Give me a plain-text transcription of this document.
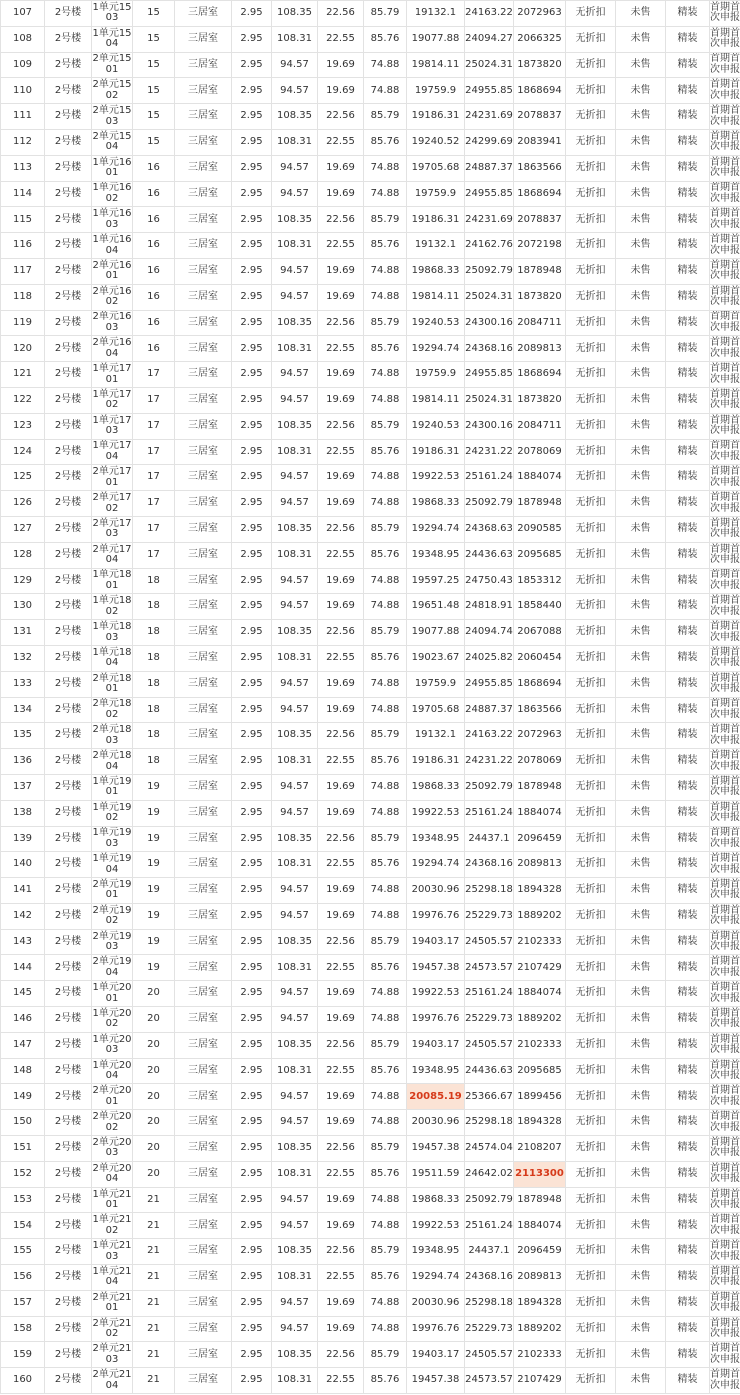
107	2号楼	1单元1503	15	三居室	2.95	108.35	22.56	85.79	19132.1	24163.22	2072963	无折扣	未售	精装	首期首次申报
108	2号楼	1单元1504	15	三居室	2.95	108.31	22.55	85.76	19077.88	24094.27	2066325	无折扣	未售	精装	首期首次申报
109	2号楼	2单元1501	15	三居室	2.95	94.57	19.69	74.88	19814.11	25024.31	1873820	无折扣	未售	精装	首期首次申报
110	2号楼	2单元1502	15	三居室	2.95	94.57	19.69	74.88	19759.9	24955.85	1868694	无折扣	未售	精装	首期首次申报
111	2号楼	2单元1503	15	三居室	2.95	108.35	22.56	85.79	19186.31	24231.69	2078837	无折扣	未售	精装	首期首次申报
112	2号楼	2单元1504	15	三居室	2.95	108.31	22.55	85.76	19240.52	24299.69	2083941	无折扣	未售	精装	首期首次申报
113	2号楼	1单元1601	16	三居室	2.95	94.57	19.69	74.88	19705.68	24887.37	1863566	无折扣	未售	精装	首期首次申报
114	2号楼	1单元1602	16	三居室	2.95	94.57	19.69	74.88	19759.9	24955.85	1868694	无折扣	未售	精装	首期首次申报
115	2号楼	1单元1603	16	三居室	2.95	108.35	22.56	85.79	19186.31	24231.69	2078837	无折扣	未售	精装	首期首次申报
116	2号楼	1单元1604	16	三居室	2.95	108.31	22.55	85.76	19132.1	24162.76	2072198	无折扣	未售	精装	首期首次申报
117	2号楼	2单元1601	16	三居室	2.95	94.57	19.69	74.88	19868.33	25092.79	1878948	无折扣	未售	精装	首期首次申报
118	2号楼	2单元1602	16	三居室	2.95	94.57	19.69	74.88	19814.11	25024.31	1873820	无折扣	未售	精装	首期首次申报
119	2号楼	2单元1603	16	三居室	2.95	108.35	22.56	85.79	19240.53	24300.16	2084711	无折扣	未售	精装	首期首次申报
120	2号楼	2单元1604	16	三居室	2.95	108.31	22.55	85.76	19294.74	24368.16	2089813	无折扣	未售	精装	首期首次申报
121	2号楼	1单元1701	17	三居室	2.95	94.57	19.69	74.88	19759.9	24955.85	1868694	无折扣	未售	精装	首期首次申报
122	2号楼	1单元1702	17	三居室	2.95	94.57	19.69	74.88	19814.11	25024.31	1873820	无折扣	未售	精装	首期首次申报
123	2号楼	1单元1703	17	三居室	2.95	108.35	22.56	85.79	19240.53	24300.16	2084711	无折扣	未售	精装	首期首次申报
124	2号楼	1单元1704	17	三居室	2.95	108.31	22.55	85.76	19186.31	24231.22	2078069	无折扣	未售	精装	首期首次申报
125	2号楼	2单元1701	17	三居室	2.95	94.57	19.69	74.88	19922.53	25161.24	1884074	无折扣	未售	精装	首期首次申报
126	2号楼	2单元1702	17	三居室	2.95	94.57	19.69	74.88	19868.33	25092.79	1878948	无折扣	未售	精装	首期首次申报
127	2号楼	2单元1703	17	三居室	2.95	108.35	22.56	85.79	19294.74	24368.63	2090585	无折扣	未售	精装	首期首次申报
128	2号楼	2单元1704	17	三居室	2.95	108.31	22.55	85.76	19348.95	24436.63	2095685	无折扣	未售	精装	首期首次申报
129	2号楼	1单元1801	18	三居室	2.95	94.57	19.69	74.88	19597.25	24750.43	1853312	无折扣	未售	精装	首期首次申报
130	2号楼	1单元1802	18	三居室	2.95	94.57	19.69	74.88	19651.48	24818.91	1858440	无折扣	未售	精装	首期首次申报
131	2号楼	1单元1803	18	三居室	2.95	108.35	22.56	85.79	19077.88	24094.74	2067088	无折扣	未售	精装	首期首次申报
132	2号楼	1单元1804	18	三居室	2.95	108.31	22.55	85.76	19023.67	24025.82	2060454	无折扣	未售	精装	首期首次申报
133	2号楼	2单元1801	18	三居室	2.95	94.57	19.69	74.88	19759.9	24955.85	1868694	无折扣	未售	精装	首期首次申报
134	2号楼	2单元1802	18	三居室	2.95	94.57	19.69	74.88	19705.68	24887.37	1863566	无折扣	未售	精装	首期首次申报
135	2号楼	2单元1803	18	三居室	2.95	108.35	22.56	85.79	19132.1	24163.22	2072963	无折扣	未售	精装	首期首次申报
136	2号楼	2单元1804	18	三居室	2.95	108.31	22.55	85.76	19186.31	24231.22	2078069	无折扣	未售	精装	首期首次申报
137	2号楼	1单元1901	19	三居室	2.95	94.57	19.69	74.88	19868.33	25092.79	1878948	无折扣	未售	精装	首期首次申报
138	2号楼	1单元1902	19	三居室	2.95	94.57	19.69	74.88	19922.53	25161.24	1884074	无折扣	未售	精装	首期首次申报
139	2号楼	1单元1903	19	三居室	2.95	108.35	22.56	85.79	19348.95	24437.1	2096459	无折扣	未售	精装	首期首次申报
140	2号楼	1单元1904	19	三居室	2.95	108.31	22.55	85.76	19294.74	24368.16	2089813	无折扣	未售	精装	首期首次申报
141	2号楼	2单元1901	19	三居室	2.95	94.57	19.69	74.88	20030.96	25298.18	1894328	无折扣	未售	精装	首期首次申报
142	2号楼	2单元1902	19	三居室	2.95	94.57	19.69	74.88	19976.76	25229.73	1889202	无折扣	未售	精装	首期首次申报
143	2号楼	2单元1903	19	三居室	2.95	108.35	22.56	85.79	19403.17	24505.57	2102333	无折扣	未售	精装	首期首次申报
144	2号楼	2单元1904	19	三居室	2.95	108.31	22.55	85.76	19457.38	24573.57	2107429	无折扣	未售	精装	首期首次申报
145	2号楼	1单元2001	20	三居室	2.95	94.57	19.69	74.88	19922.53	25161.24	1884074	无折扣	未售	精装	首期首次申报
146	2号楼	1单元2002	20	三居室	2.95	94.57	19.69	74.88	19976.76	25229.73	1889202	无折扣	未售	精装	首期首次申报
147	2号楼	1单元2003	20	三居室	2.95	108.35	22.56	85.79	19403.17	24505.57	2102333	无折扣	未售	精装	首期首次申报
148	2号楼	1单元2004	20	三居室	2.95	108.31	22.55	85.76	19348.95	24436.63	2095685	无折扣	未售	精装	首期首次申报
149	2号楼	2单元2001	20	三居室	2.95	94.57	19.69	74.88	20085.19	25366.67	1899456	无折扣	未售	精装	首期首次申报
150	2号楼	2单元2002	20	三居室	2.95	94.57	19.69	74.88	20030.96	25298.18	1894328	无折扣	未售	精装	首期首次申报
151	2号楼	2单元2003	20	三居室	2.95	108.35	22.56	85.79	19457.38	24574.04	2108207	无折扣	未售	精装	首期首次申报
152	2号楼	2单元2004	20	三居室	2.95	108.31	22.55	85.76	19511.59	24642.02	2113300	无折扣	未售	精装	首期首次申报
153	2号楼	1单元2101	21	三居室	2.95	94.57	19.69	74.88	19868.33	25092.79	1878948	无折扣	未售	精装	首期首次申报
154	2号楼	1单元2102	21	三居室	2.95	94.57	19.69	74.88	19922.53	25161.24	1884074	无折扣	未售	精装	首期首次申报
155	2号楼	1单元2103	21	三居室	2.95	108.35	22.56	85.79	19348.95	24437.1	2096459	无折扣	未售	精装	首期首次申报
156	2号楼	1单元2104	21	三居室	2.95	108.31	22.55	85.76	19294.74	24368.16	2089813	无折扣	未售	精装	首期首次申报
157	2号楼	2单元2101	21	三居室	2.95	94.57	19.69	74.88	20030.96	25298.18	1894328	无折扣	未售	精装	首期首次申报
158	2号楼	2单元2102	21	三居室	2.95	94.57	19.69	74.88	19976.76	25229.73	1889202	无折扣	未售	精装	首期首次申报
159	2号楼	2单元2103	21	三居室	2.95	108.35	22.56	85.79	19403.17	24505.57	2102333	无折扣	未售	精装	首期首次申报
160	2号楼	2单元2104	21	三居室	2.95	108.31	22.55	85.76	19457.38	24573.57	2107429	无折扣	未售	精装	首期首次申报
